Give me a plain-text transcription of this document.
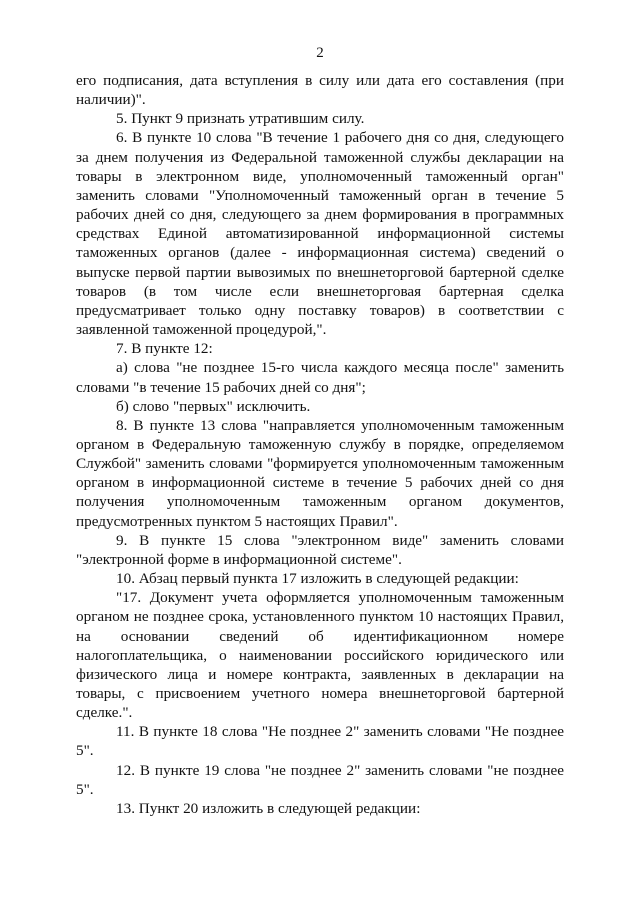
2

его подписания, дата вступления в силу или дата его составления (при наличии)".

5. Пункт 9 признать утратившим силу.

6. В пункте 10 слова "В течение 1 рабочего дня со дня, следующего за днем получения из Федеральной таможенной службы декларации на товары в электронном виде, уполномоченный таможенный орган" заменить словами "Уполномоченный таможенный орган в течение 5 рабочих дней со дня, следующего за днем формирования в программных средствах Единой автоматизированной информационной системы таможенных органов (далее - информационная система) сведений о выпуске первой партии вывозимых по внешнеторговой бартерной сделке товаров (в том числе если внешнеторговая бартерная сделка предусматривает только одну поставку товаров) в соответствии с заявленной таможенной процедурой,".

7. В пункте 12:

а) слова "не позднее 15-го числа каждого месяца после" заменить словами "в течение 15 рабочих дней со дня";

б) слово "первых" исключить.

8. В пункте 13 слова "направляется уполномоченным таможенным органом в Федеральную таможенную службу в порядке, определяемом Службой" заменить словами "формируется уполномоченным таможенным органом в информационной системе в течение 5 рабочих дней со дня получения уполномоченным таможенным органом документов, предусмотренных пунктом 5 настоящих Правил".

9. В пункте 15 слова "электронном виде" заменить словами "электронной форме в информационной системе".

10. Абзац первый пункта 17 изложить в следующей редакции:

"17. Документ учета оформляется уполномоченным таможенным органом не позднее срока, установленного пунктом 10 настоящих Правил, на основании сведений об идентификационном номере налогоплательщика, о наименовании российского юридического или физического лица и номере контракта, заявленных в декларации на товары, с присвоением учетного номера внешнеторговой бартерной сделке.".

11. В пункте 18 слова "Не позднее 2" заменить словами "Не позднее 5".

12. В пункте 19 слова "не позднее 2" заменить словами "не позднее 5".

13. Пункт 20 изложить в следующей редакции:
